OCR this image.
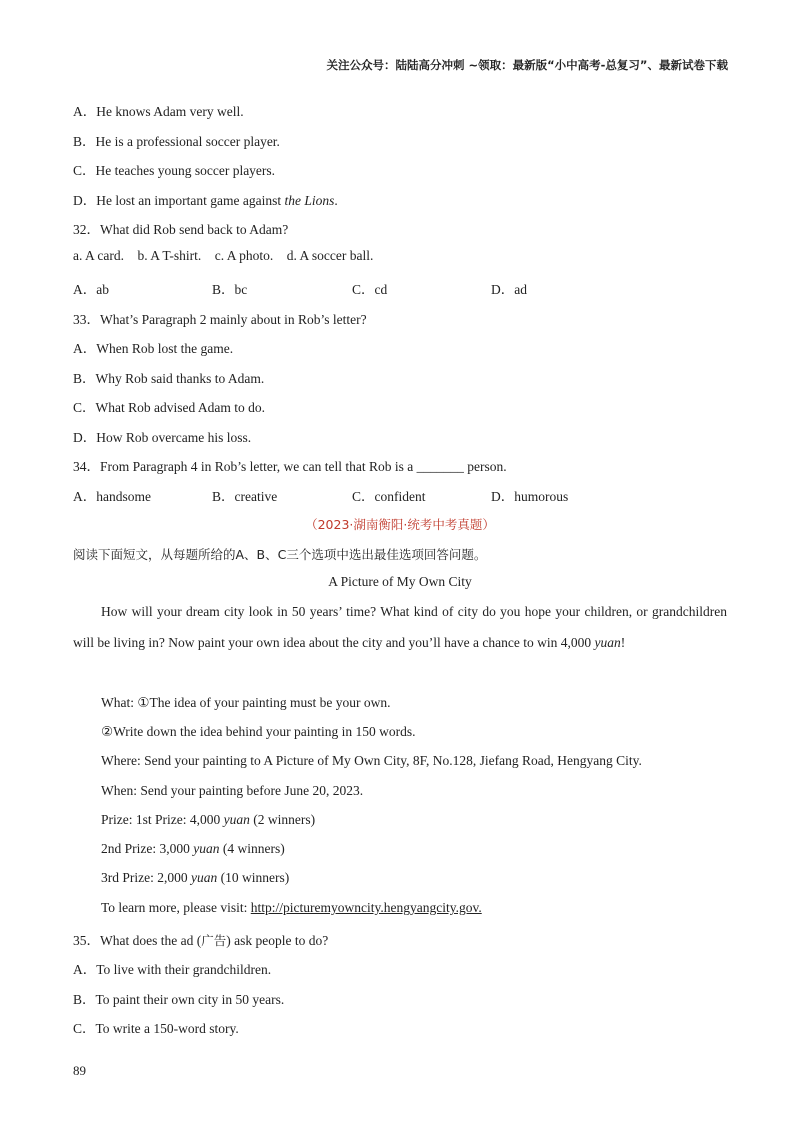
关注公众号：陆陆高分冲刺 ~领取：最新版“小中高考-总复习”、最新试卷下载
A．He knows Adam very well.
B．He is a professional soccer player.
C．He teaches young soccer players.
D．He lost an important game against the Lions.
32．What did Rob send back to Adam?
a. A card.    b. A T-shirt.    c. A photo.    d. A soccer ball.
A．ab	B．bc	C．cd	D．ad
33．What’s Paragraph 2 mainly about in Rob’s letter?
A．When Rob lost the game.
B．Why Rob said thanks to Adam.
C．What Rob advised Adam to do.
D．How Rob overcame his loss.
34．From Paragraph 4 in Rob’s letter, we can tell that Rob is a _______ person.
A．handsome	B．creative	C．confident	D．humorous
（2023·湖南衡阳·统考中考真题）
阅读下面短文，从每题所给的A、B、C三个选项中选出最佳选项回答问题。
A Picture of My Own City
How will your dream city look in 50 years’ time? What kind of city do you hope your children, or grandchildren will be living in? Now paint your own idea about the city and you’ll have a chance to win 4,000 yuan!
What: ①The idea of your painting must be your own.
②Write down the idea behind your painting in 150 words.
Where: Send your painting to A Picture of My Own City, 8F, No.128, Jiefang Road, Hengyang City.
When: Send your painting before June 20, 2023.
Prize: 1st Prize: 4,000 yuan (2 winners)
2nd Prize: 3,000 yuan (4 winners)
3rd Prize: 2,000 yuan (10 winners)
To learn more, please visit: http://picturemyowncity.hengyangcity.gov.
35．What does the ad (广告) ask people to do?
A．To live with their grandchildren.
B．To paint their own city in 50 years.
C．To write a 150-word story.
89
